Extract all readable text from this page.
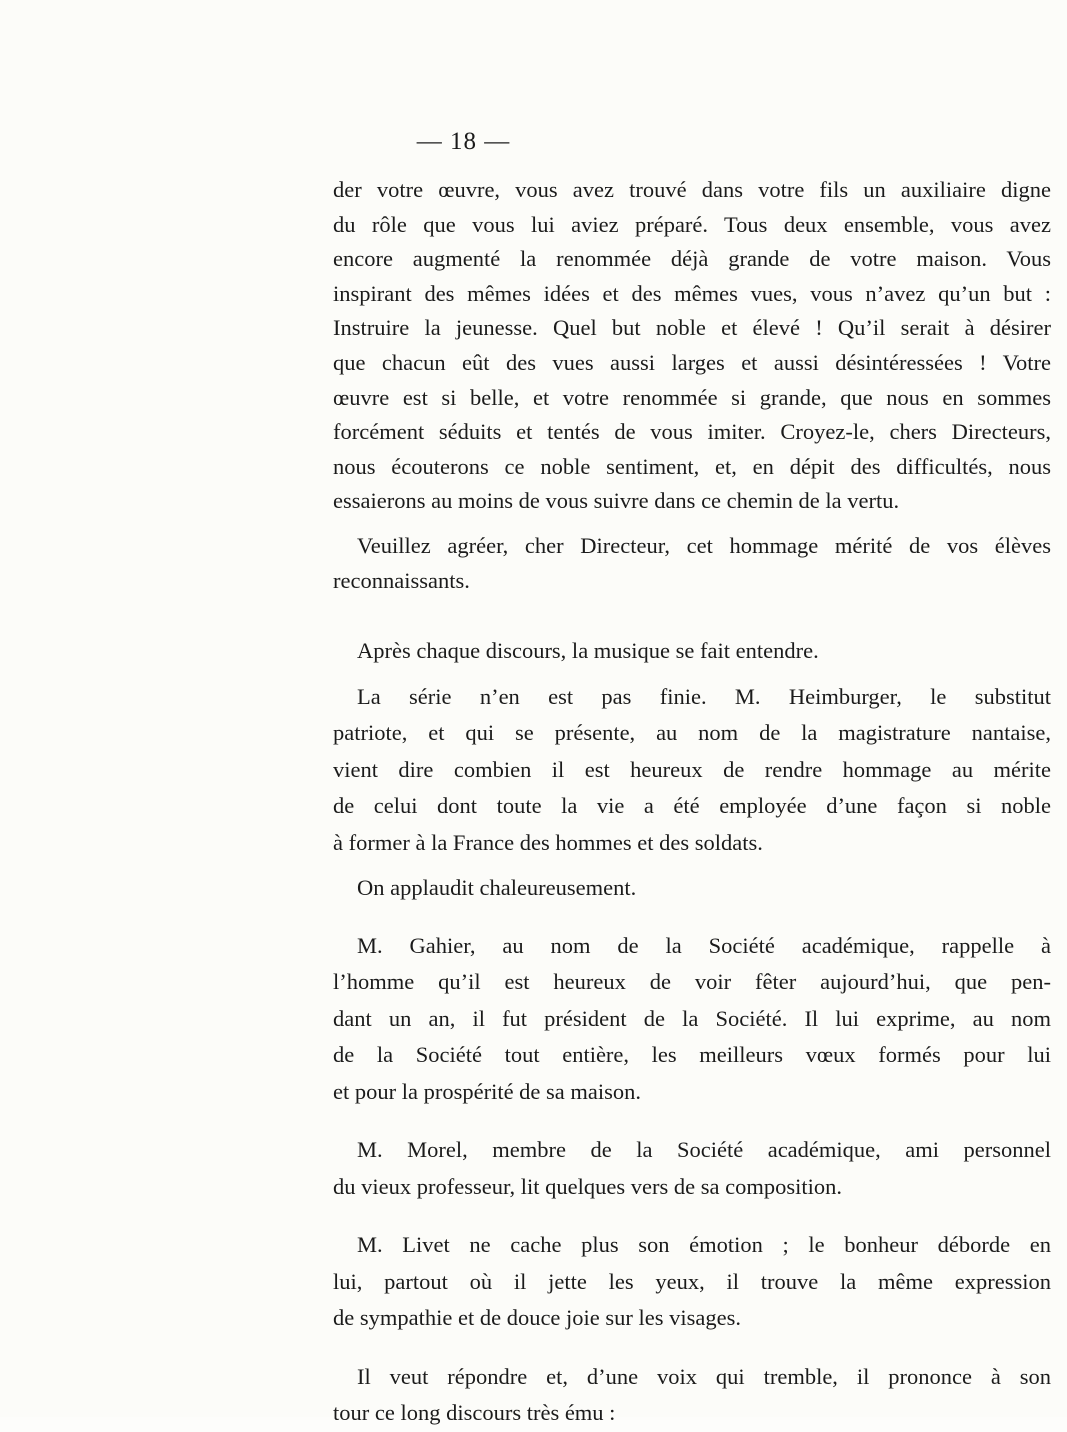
— 18 —
der votre œuvre, vous avez trouvé dans votre fils un auxiliaire digne
du rôle que vous lui aviez préparé. Tous deux ensemble, vous avez
encore augmenté la renommée déjà grande de votre maison. Vous
inspirant des mêmes idées et des mêmes vues, vous n’avez qu’un but :
Instruire la jeunesse. Quel but noble et élevé ! Qu’il serait à désirer
que chacun eût des vues aussi larges et aussi désintéressées ! Votre
œuvre est si belle, et votre renommée si grande, que nous en sommes
forcément séduits et tentés de vous imiter. Croyez-le, chers Directeurs,
nous écouterons ce noble sentiment, et, en dépit des difficultés, nous
essaierons au moins de vous suivre dans ce chemin de la vertu.
Veuillez agréer, cher Directeur, cet hommage mérité de vos élèves
reconnaissants.
Après chaque discours, la musique se fait entendre.
La série n’en est pas finie. M. Heimburger, le substitut
patriote, et qui se présente, au nom de la magistrature nantaise,
vient dire combien il est heureux de rendre hommage au mérite
de celui dont toute la vie a été employée d’une façon si noble
à former à la France des hommes et des soldats.
On applaudit chaleureusement.
M. Gahier, au nom de la Société académique, rappelle à
l’homme qu’il est heureux de voir fêter aujourd’hui, que pen-
dant un an, il fut président de la Société. Il lui exprime, au nom
de la Société tout entière, les meilleurs vœux formés pour lui
et pour la prospérité de sa maison.
M. Morel, membre de la Société académique, ami personnel
du vieux professeur, lit quelques vers de sa composition.
M. Livet ne cache plus son émotion ; le bonheur déborde en
lui, partout où il jette les yeux, il trouve la même expression
de sympathie et de douce joie sur les visages.
Il veut répondre et, d’une voix qui tremble, il prononce à son
tour ce long discours très ému :
